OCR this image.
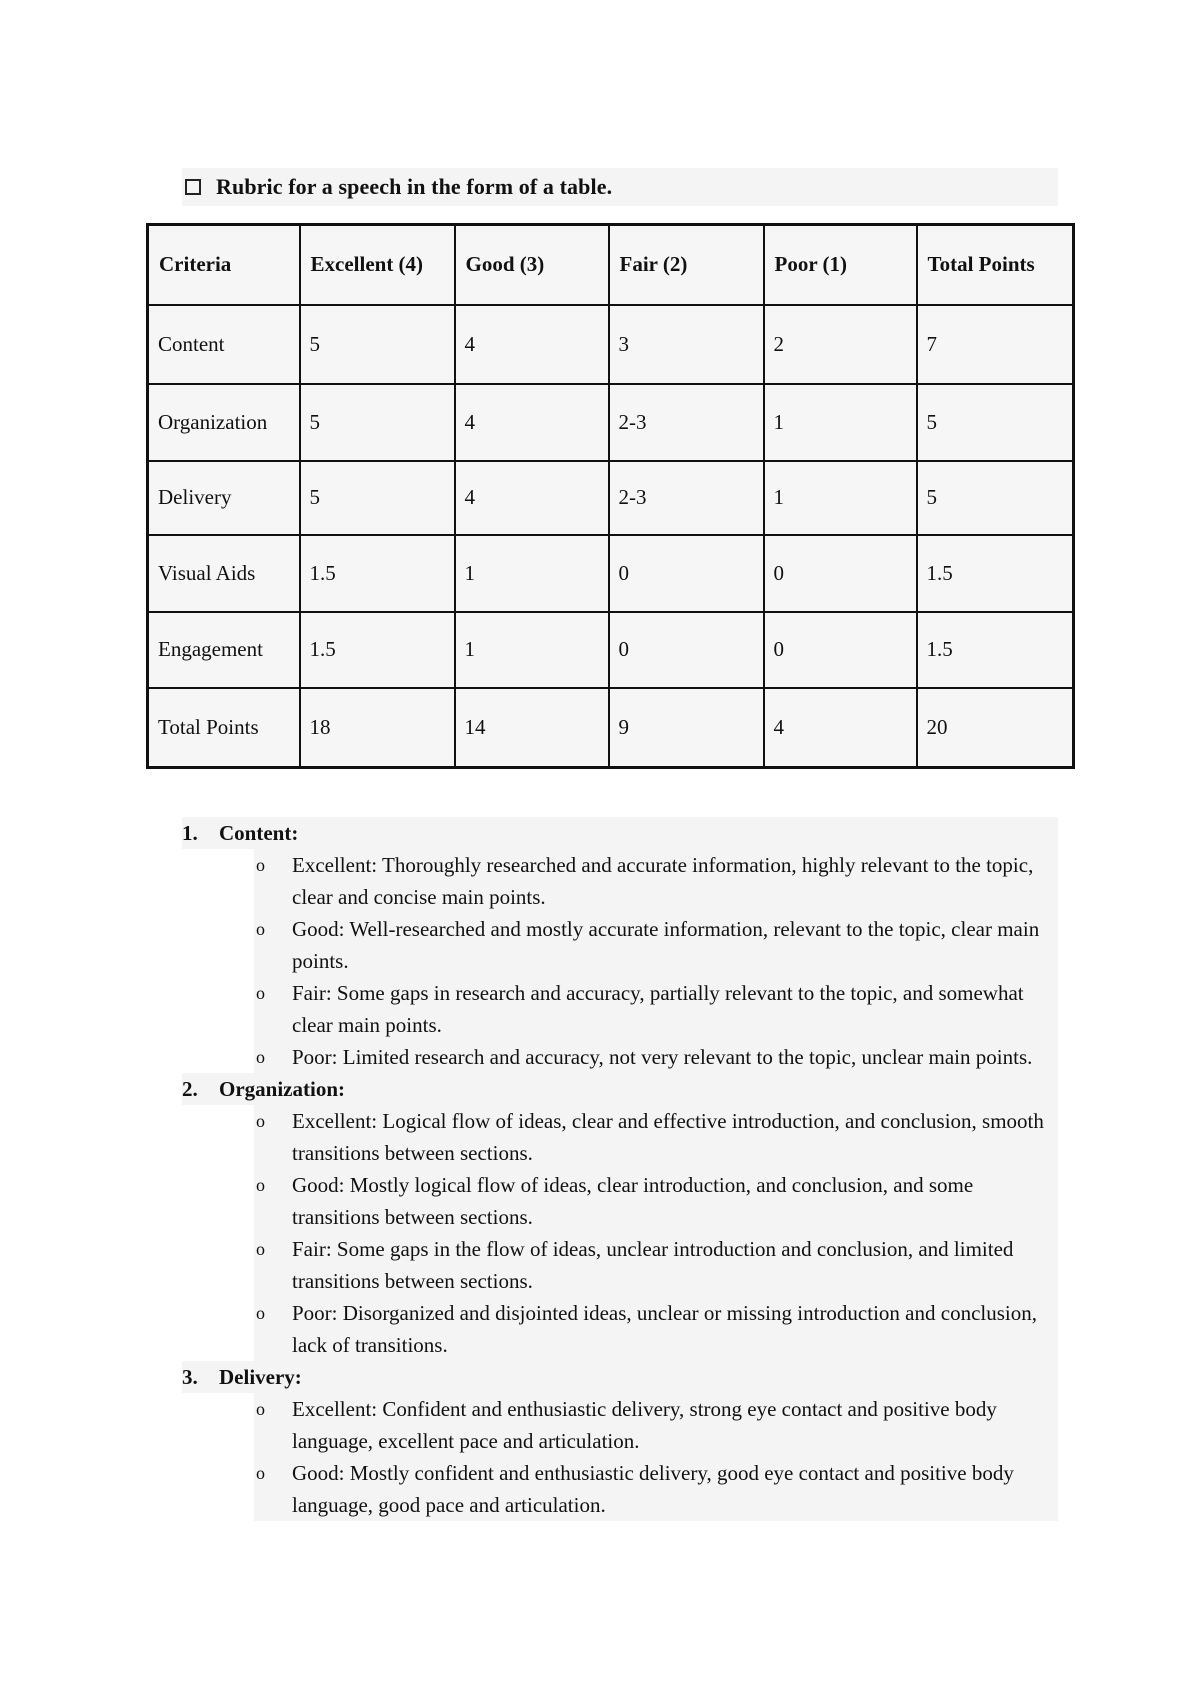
Rubric for a speech in the form of a table.
Criteria	Excellent (4)	Good (3)	Fair (2)	Poor (1)	Total Points
Content	5	4	3	2	7
Organization	5	4	2-3	1	5
Delivery	5	4	2-3	1	5
Visual Aids	1.5	1	0	0	1.5
Engagement	1.5	1	0	0	1.5
Total Points	18	14	9	4	20
1.	Content:
o	Excellent: Thoroughly researched and accurate information, highly relevant to the topic, clear and concise main points.
o	Good: Well-researched and mostly accurate information, relevant to the topic, clear main points.
o	Fair: Some gaps in research and accuracy, partially relevant to the topic, and somewhat clear main points.
o	Poor: Limited research and accuracy, not very relevant to the topic, unclear main points.
2.	Organization:
o	Excellent: Logical flow of ideas, clear and effective introduction, and conclusion, smooth transitions between sections.
o	Good: Mostly logical flow of ideas, clear introduction, and conclusion, and some transitions between sections.
o	Fair: Some gaps in the flow of ideas, unclear introduction and conclusion, and limited transitions between sections.
o	Poor: Disorganized and disjointed ideas, unclear or missing introduction and conclusion, lack of transitions.
3.	Delivery:
o	Excellent: Confident and enthusiastic delivery, strong eye contact and positive body language, excellent pace and articulation.
o	Good: Mostly confident and enthusiastic delivery, good eye contact and positive body language, good pace and articulation.
